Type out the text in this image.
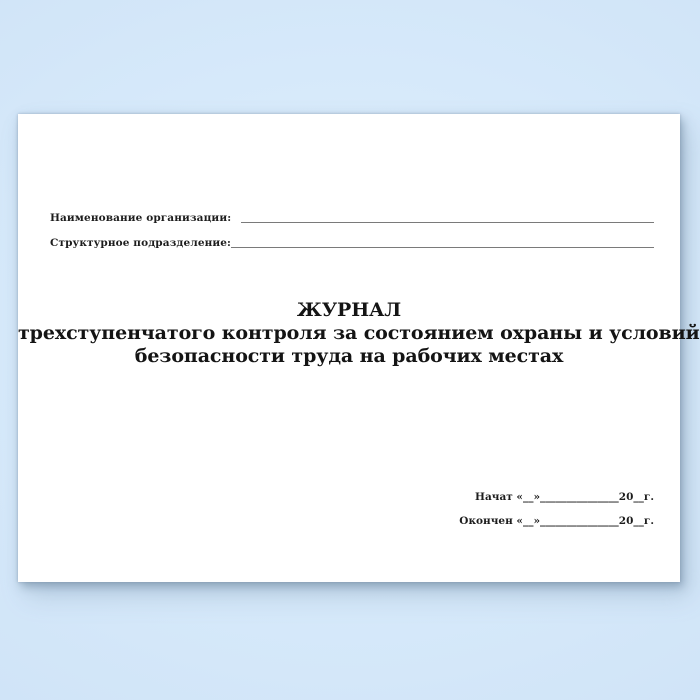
Наименование организации:
Структурное подразделение:
ЖУРНАЛ
трехступенчатого контроля за состоянием охраны и условий
безопасности труда на рабочих местах
Начат «__»_______________20__г.
Окончен «__»_______________20__г.
